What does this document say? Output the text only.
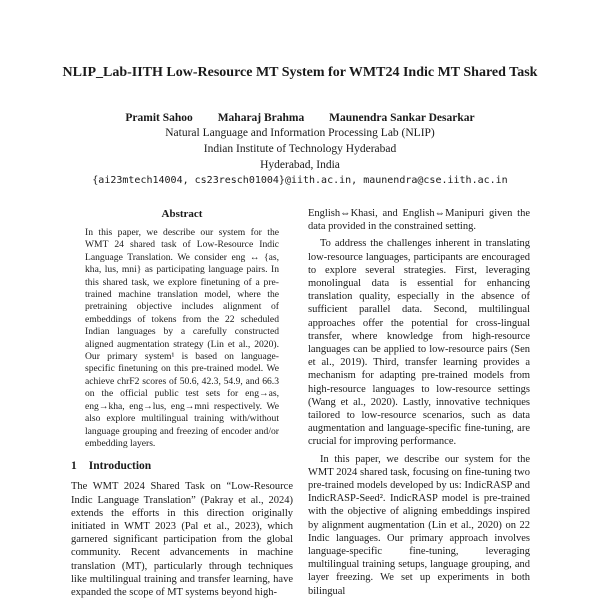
NLIP_Lab-IITH Low-Resource MT System for WMT24 Indic MT Shared Task
Pramit Sahoo Maharaj Brahma Maunendra Sankar Desarkar
Natural Language and Information Processing Lab (NLIP)
Indian Institute of Technology Hyderabad
Hyderabad, India
{ai23mtech14004, cs23resch01004}@iith.ac.in, maunendra@cse.iith.ac.in
Abstract

In this paper, we describe our system for the WMT 24 shared task of Low-Resource Indic Language Translation. We consider eng ↔ {as, kha, lus, mni} as participating language pairs. In this shared task, we explore finetuning of a pre-trained machine translation model, where the pretraining objective includes alignment of embeddings of tokens from the 22 scheduled Indian languages by a carefully constructed aligned augmentation strategy (Lin et al., 2020). Our primary system¹ is based on language-specific finetuning on this pre-trained model. We achieve chrF2 scores of 50.6, 42.3, 54.9, and 66.3 on the official public test sets for eng→as, eng→kha, eng→lus, eng→mni respectively. We also explore multilingual training with/without language grouping and freezing of encoder and/or embedding layers.

1 Introduction

The WMT 2024 Shared Task on “Low-Resource Indic Language Translation” (Pakray et al., 2024) extends the efforts in this direction originally initiated in WMT 2023 (Pal et al., 2023), which garnered significant participation from the global community. Recent advancements in machine translation (MT), particularly through techniques like multilingual training and transfer learning, have expanded the scope of MT systems beyond high-

English⇔Khasi, and English⇔Manipuri given the data provided in the constrained setting.

To address the challenges inherent in translating low-resource languages, participants are encouraged to explore several strategies. First, leveraging monolingual data is essential for enhancing translation quality, especially in the absence of sufficient parallel data. Second, multilingual approaches offer the potential for cross-lingual transfer, where knowledge from high-resource languages can be applied to low-resource pairs (Sen et al., 2019). Third, transfer learning provides a mechanism for adapting pre-trained models from high-resource languages to low-resource settings (Wang et al., 2020). Lastly, innovative techniques tailored to low-resource scenarios, such as data augmentation and language-specific fine-tuning, are crucial for improving performance.

In this paper, we describe our system for the WMT 2024 shared task, focusing on fine-tuning two pre-trained models developed by us: IndicRASP and IndicRASP-Seed². IndicRASP model is pre-trained with the objective of aligning embeddings inspired by alignment augmentation (Lin et al., 2020) on 22 Indic languages. Our primary approach involves language-specific fine-tuning, leveraging multilingual training setups, language grouping, and layer freezing. We set up experiments in both bilingual
